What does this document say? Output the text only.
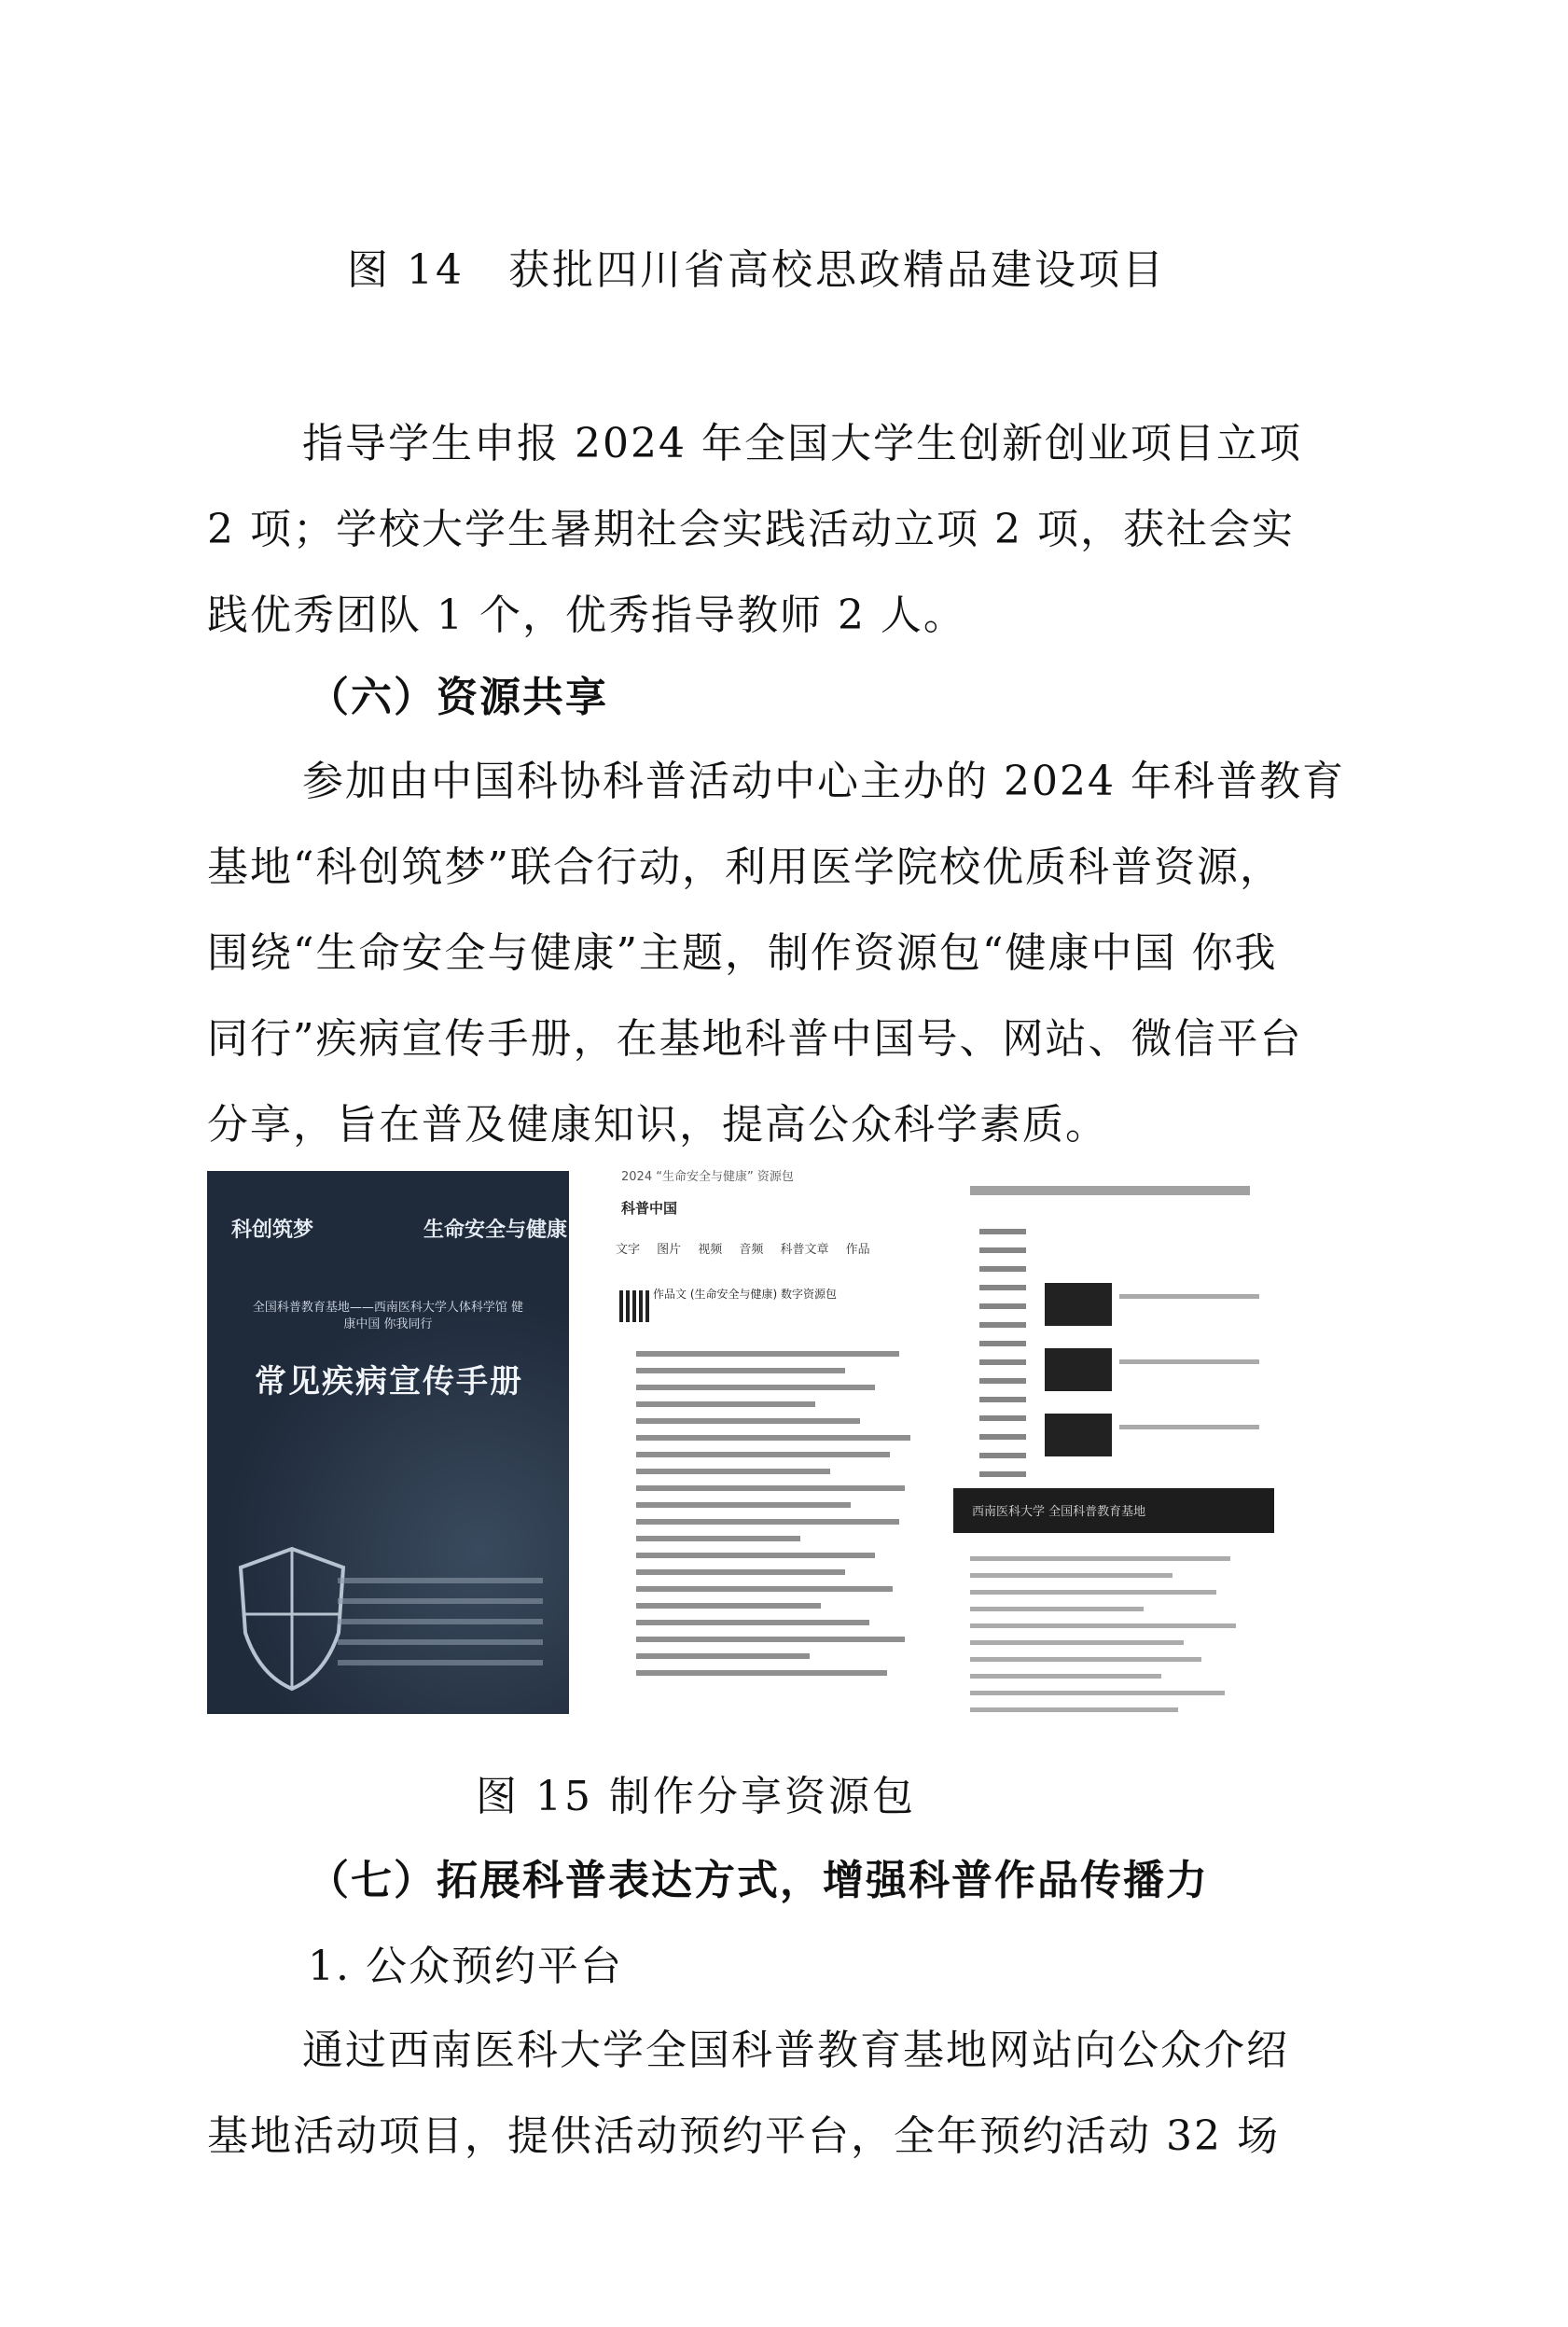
图 14　获批四川省高校思政精品建设项目
指导学生申报 2024 年全国大学生创新创业项目立项
2 项；学校大学生暑期社会实践活动立项 2 项，获社会实
践优秀团队 1 个，优秀指导教师 2 人。
（六）资源共享
参加由中国科协科普活动中心主办的 2024 年科普教育
基地“科创筑梦”联合行动，利用医学院校优质科普资源，
围绕“生命安全与健康”主题，制作资源包“健康中国 你我
同行”疾病宣传手册，在基地科普中国号、网站、微信平台
分享，旨在普及健康知识，提高公众科学素质。
科创筑梦	生命安全与健康
全国科普教育基地——西南医科大学人体科学馆 健康中国 你我同行
常见疾病宣传手册
2024 “生命安全与健康” 资源包
科普中国
文字 图片 视频 音频 科普文章 作品
作品文 (生命安全与健康) 数字资源包
西南医科大学 全国科普教育基地
图 15 制作分享资源包
（七）拓展科普表达方式，增强科普作品传播力
1. 公众预约平台
通过西南医科大学全国科普教育基地网站向公众介绍
基地活动项目，提供活动预约平台，全年预约活动 32 场
